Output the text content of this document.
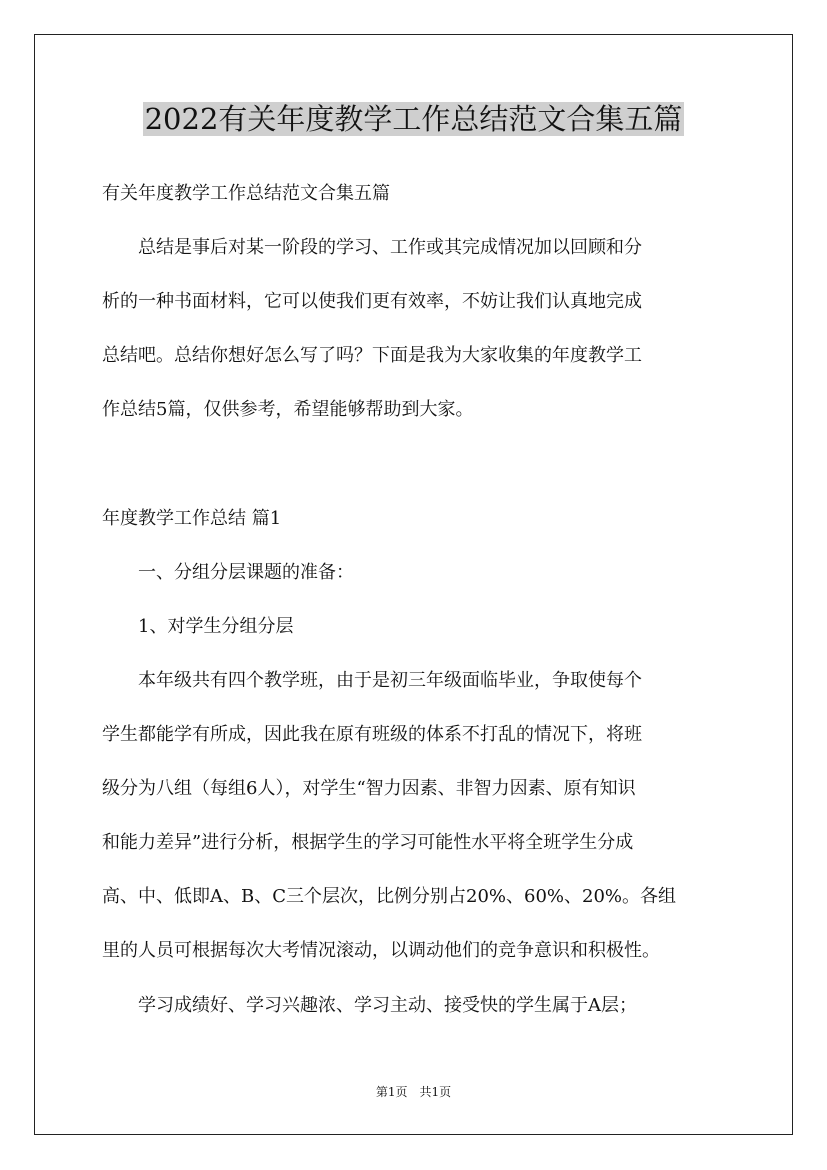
2022有关年度教学工作总结范文合集五篇
有关年度教学工作总结范文合集五篇
　　总结是事后对某一阶段的学习、工作或其完成情况加以回顾和分
析的一种书面材料，它可以使我们更有效率，不妨让我们认真地完成
总结吧。总结你想好怎么写了吗？下面是我为大家收集的年度教学工
作总结5篇，仅供参考，希望能够帮助到大家。
年度教学工作总结 篇1
　　一、分组分层课题的准备：
　　1、对学生分组分层
　　本年级共有四个教学班，由于是初三年级面临毕业，争取使每个
学生都能学有所成，因此我在原有班级的体系不打乱的情况下，将班
级分为八组（每组6人），对学生“智力因素、非智力因素、原有知识
和能力差异”进行分析，根据学生的学习可能性水平将全班学生分成
高、中、低即A、B、C三个层次，比例分别占20%、60%、20%。各组
里的人员可根据每次大考情况滚动，以调动他们的竞争意识和积极性。
　　学习成绩好、学习兴趣浓、学习主动、接受快的学生属于A层；
第1页　共1页
